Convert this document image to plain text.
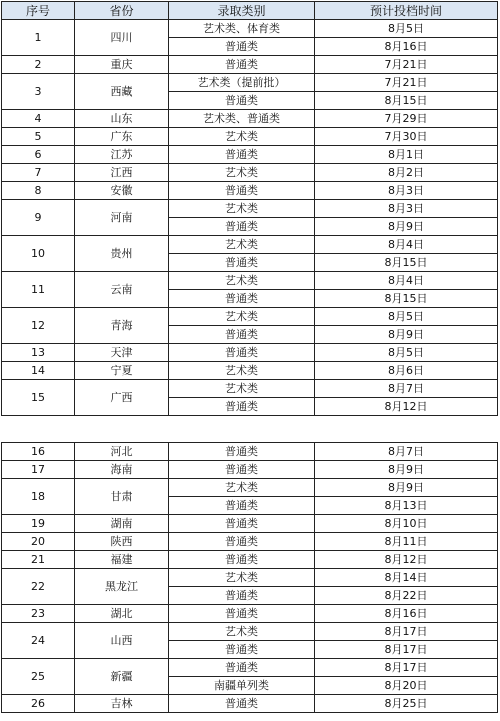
序号	省份	录取类别	预计投档时间
1	四川	艺术类、体育类	8月5日
		普通类	8月16日
2	重庆	普通类	7月21日
3	西藏	艺术类（提前批）	7月21日
		普通类	8月15日
4	山东	艺术类、普通类	7月29日
5	广东	艺术类	7月30日
6	江苏	普通类	8月1日
7	江西	艺术类	8月2日
8	安徽	普通类	8月3日
9	河南	艺术类	8月3日
		普通类	8月9日
10	贵州	艺术类	8月4日
		普通类	8月15日
11	云南	艺术类	8月4日
		普通类	8月15日
12	青海	艺术类	8月5日
		普通类	8月9日
13	天津	普通类	8月5日
14	宁夏	艺术类	8月6日
15	广西	艺术类	8月7日
		普通类	8月12日
16	河北	普通类	8月7日
17	海南	普通类	8月9日
18	甘肃	艺术类	8月9日
		普通类	8月13日
19	湖南	普通类	8月10日
20	陕西	普通类	8月11日
21	福建	普通类	8月12日
22	黑龙江	艺术类	8月14日
		普通类	8月22日
23	湖北	普通类	8月16日
24	山西	艺术类	8月17日
		普通类	8月17日
25	新疆	普通类	8月17日
		南疆单列类	8月20日
26	吉林	普通类	8月25日
